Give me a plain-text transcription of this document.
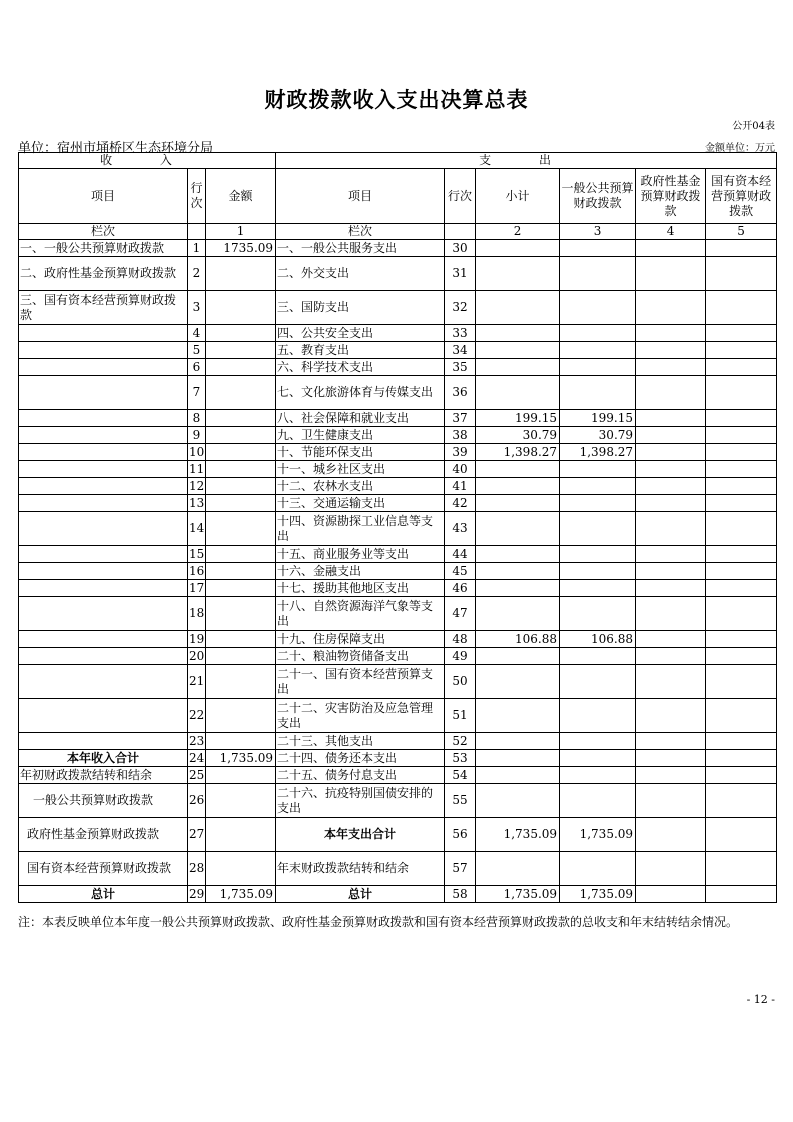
财政拨款收入支出决算总表
公开04表
单位：宿州市埇桥区生态环境分局	金额单位：万元
收 入			支 出					
项目	行次	金额	项目	行次	小计	一般公共预算财政拨款	政府性基金预算财政拨款	国有资本经营预算财政拨款
栏次		1	栏次		2	3	4	5
一、一般公共预算财政拨款	1	1735.09	一、一般公共服务支出	30				
二、政府性基金预算财政拨款	2		二、外交支出	31				
三、国有资本经营预算财政拨款	3		三、国防支出	32				
	4		四、公共安全支出	33				
	5		五、教育支出	34				
	6		六、科学技术支出	35				
	7		七、文化旅游体育与传媒支出	36				
	8		八、社会保障和就业支出	37	199.15	199.15		
	9		九、卫生健康支出	38	30.79	30.79		
	10		十、节能环保支出	39	1,398.27	1,398.27		
	11		十一、城乡社区支出	40				
	12		十二、农林水支出	41				
	13		十三、交通运输支出	42				
	14		十四、资源勘探工业信息等支出	43				
	15		十五、商业服务业等支出	44				
	16		十六、金融支出	45				
	17		十七、援助其他地区支出	46				
	18		十八、自然资源海洋气象等支出	47				
	19		十九、住房保障支出	48	106.88	106.88		
	20		二十、粮油物资储备支出	49				
	21		二十一、国有资本经营预算支出	50				
	22		二十二、灾害防治及应急管理支出	51				
	23		二十三、其他支出	52				
本年收入合计	24	1,735.09	二十四、债务还本支出	53				
年初财政拨款结转和结余	25		二十五、债务付息支出	54				
一般公共预算财政拨款	26		二十六、抗疫特别国债安排的支出	55				
政府性基金预算财政拨款	27		本年支出合计	56	1,735.09	1,735.09		
国有资本经营预算财政拨款	28		年末财政拨款结转和结余	57				
总计	29	1,735.09	总计	58	1,735.09	1,735.09		
注：本表反映单位本年度一般公共预算财政拨款、政府性基金预算财政拨款和国有资本经营预算财政拨款的总收支和年末结转结余情况。
- 12 -
